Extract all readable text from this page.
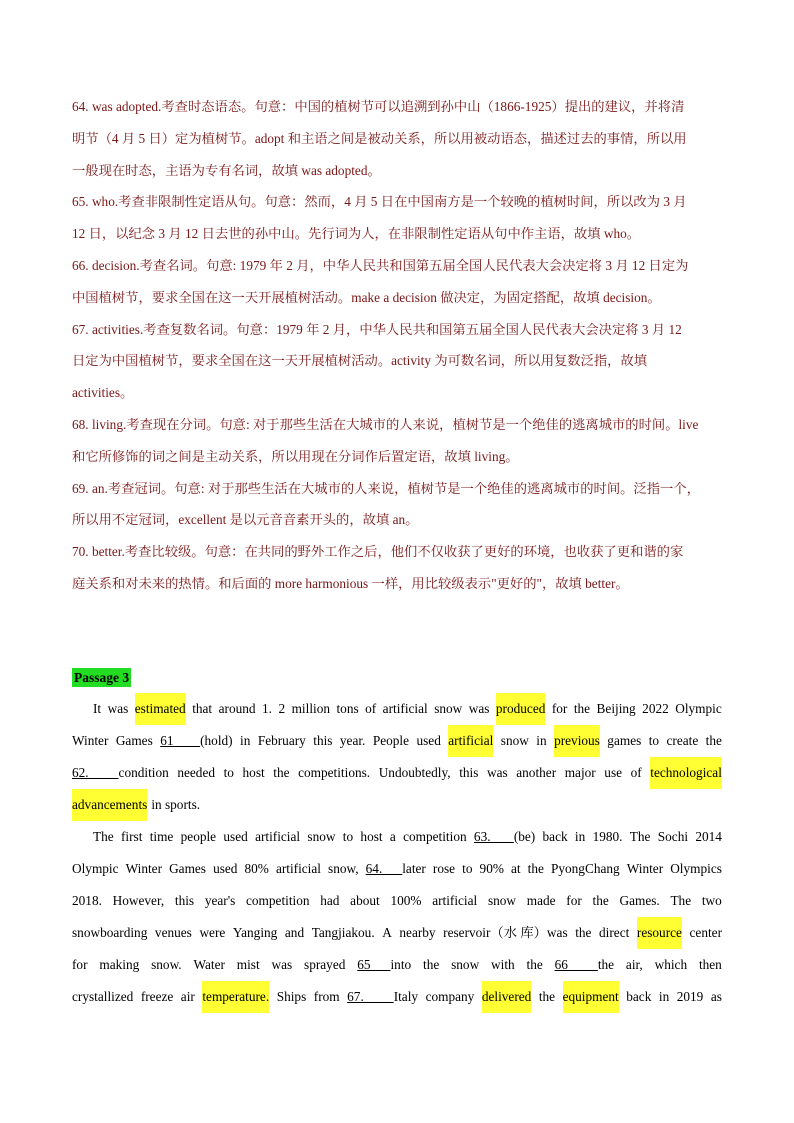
64. was adopted.考查时态语态。句意：中国的植树节可以追溯到孙中山（1866-1925）提出的建议，并将清

明节（4 月 5 日）定为植树节。adopt 和主语之间是被动关系，所以用被动语态，描述过去的事情，所以用

一般现在时态，主语为专有名词，故填 was adopted。

65. who.考查非限制性定语从句。句意：然而，4 月 5 日在中国南方是一个较晚的植树时间，所以改为 3 月

12 日，以纪念 3 月 12 日去世的孙中山。先行词为人，在非限制性定语从句中作主语，故填 who。

66. decision.考查名词。句意: 1979 年 2 月，中华人民共和国第五届全国人民代表大会决定将 3 月 12 日定为

中国植树节，要求全国在这一天开展植树活动。make a decision 做决定，为固定搭配，故填 decision。

67. activities.考查复数名词。句意：1979 年 2 月，中华人民共和国第五届全国人民代表大会决定将 3 月 12

日定为中国植树节，要求全国在这一天开展植树活动。activity 为可数名词，所以用复数泛指，故填

activities。

68. living.考查现在分词。句意: 对于那些生活在大城市的人来说，植树节是一个绝佳的逃离城市的时间。live

和它所修饰的词之间是主动关系，所以用现在分词作后置定语，故填 living。

69. an.考查冠词。句意: 对于那些生活在大城市的人来说，植树节是一个绝佳的逃离城市的时间。泛指一个，

所以用不定冠词，excellent 是以元音音素开头的，故填 an。

70. better.考查比较级。句意：在共同的野外工作之后，他们不仅收获了更好的环境，也收获了更和谐的家

庭关系和对未来的热情。和后面的 more harmonious 一样，用比较级表示"更好的"，故填 better。

Passage 3
It was estimated that around 1. 2 million tons of artificial snow was produced for the Beijing 2022 Olympic
Winter Games 61        (hold) in February this year. People used artificial snow in previous games to create the
62.         condition needed to host the competitions. Undoubtedly, this was another major use of technological
advancements in sports.
The first time people used artificial snow to host a competition 63.       (be) back in 1980. The Sochi 2014
Olympic Winter Games used 80% artificial snow, 64.      later rose to 90% at the PyongChang Winter Olympics
2018. However, this year's competition had about 100% artificial snow made for the Games. The two
snowboarding venues were Yanging and Tangjiakou. A nearby reservoir（水 库）was the direct resource center
for making snow. Water mist was sprayed 65      into the snow with the 66         the air, which then
crystallized freeze air temperature. Ships from 67.         Italy company delivered the equipment back in 2019 as
